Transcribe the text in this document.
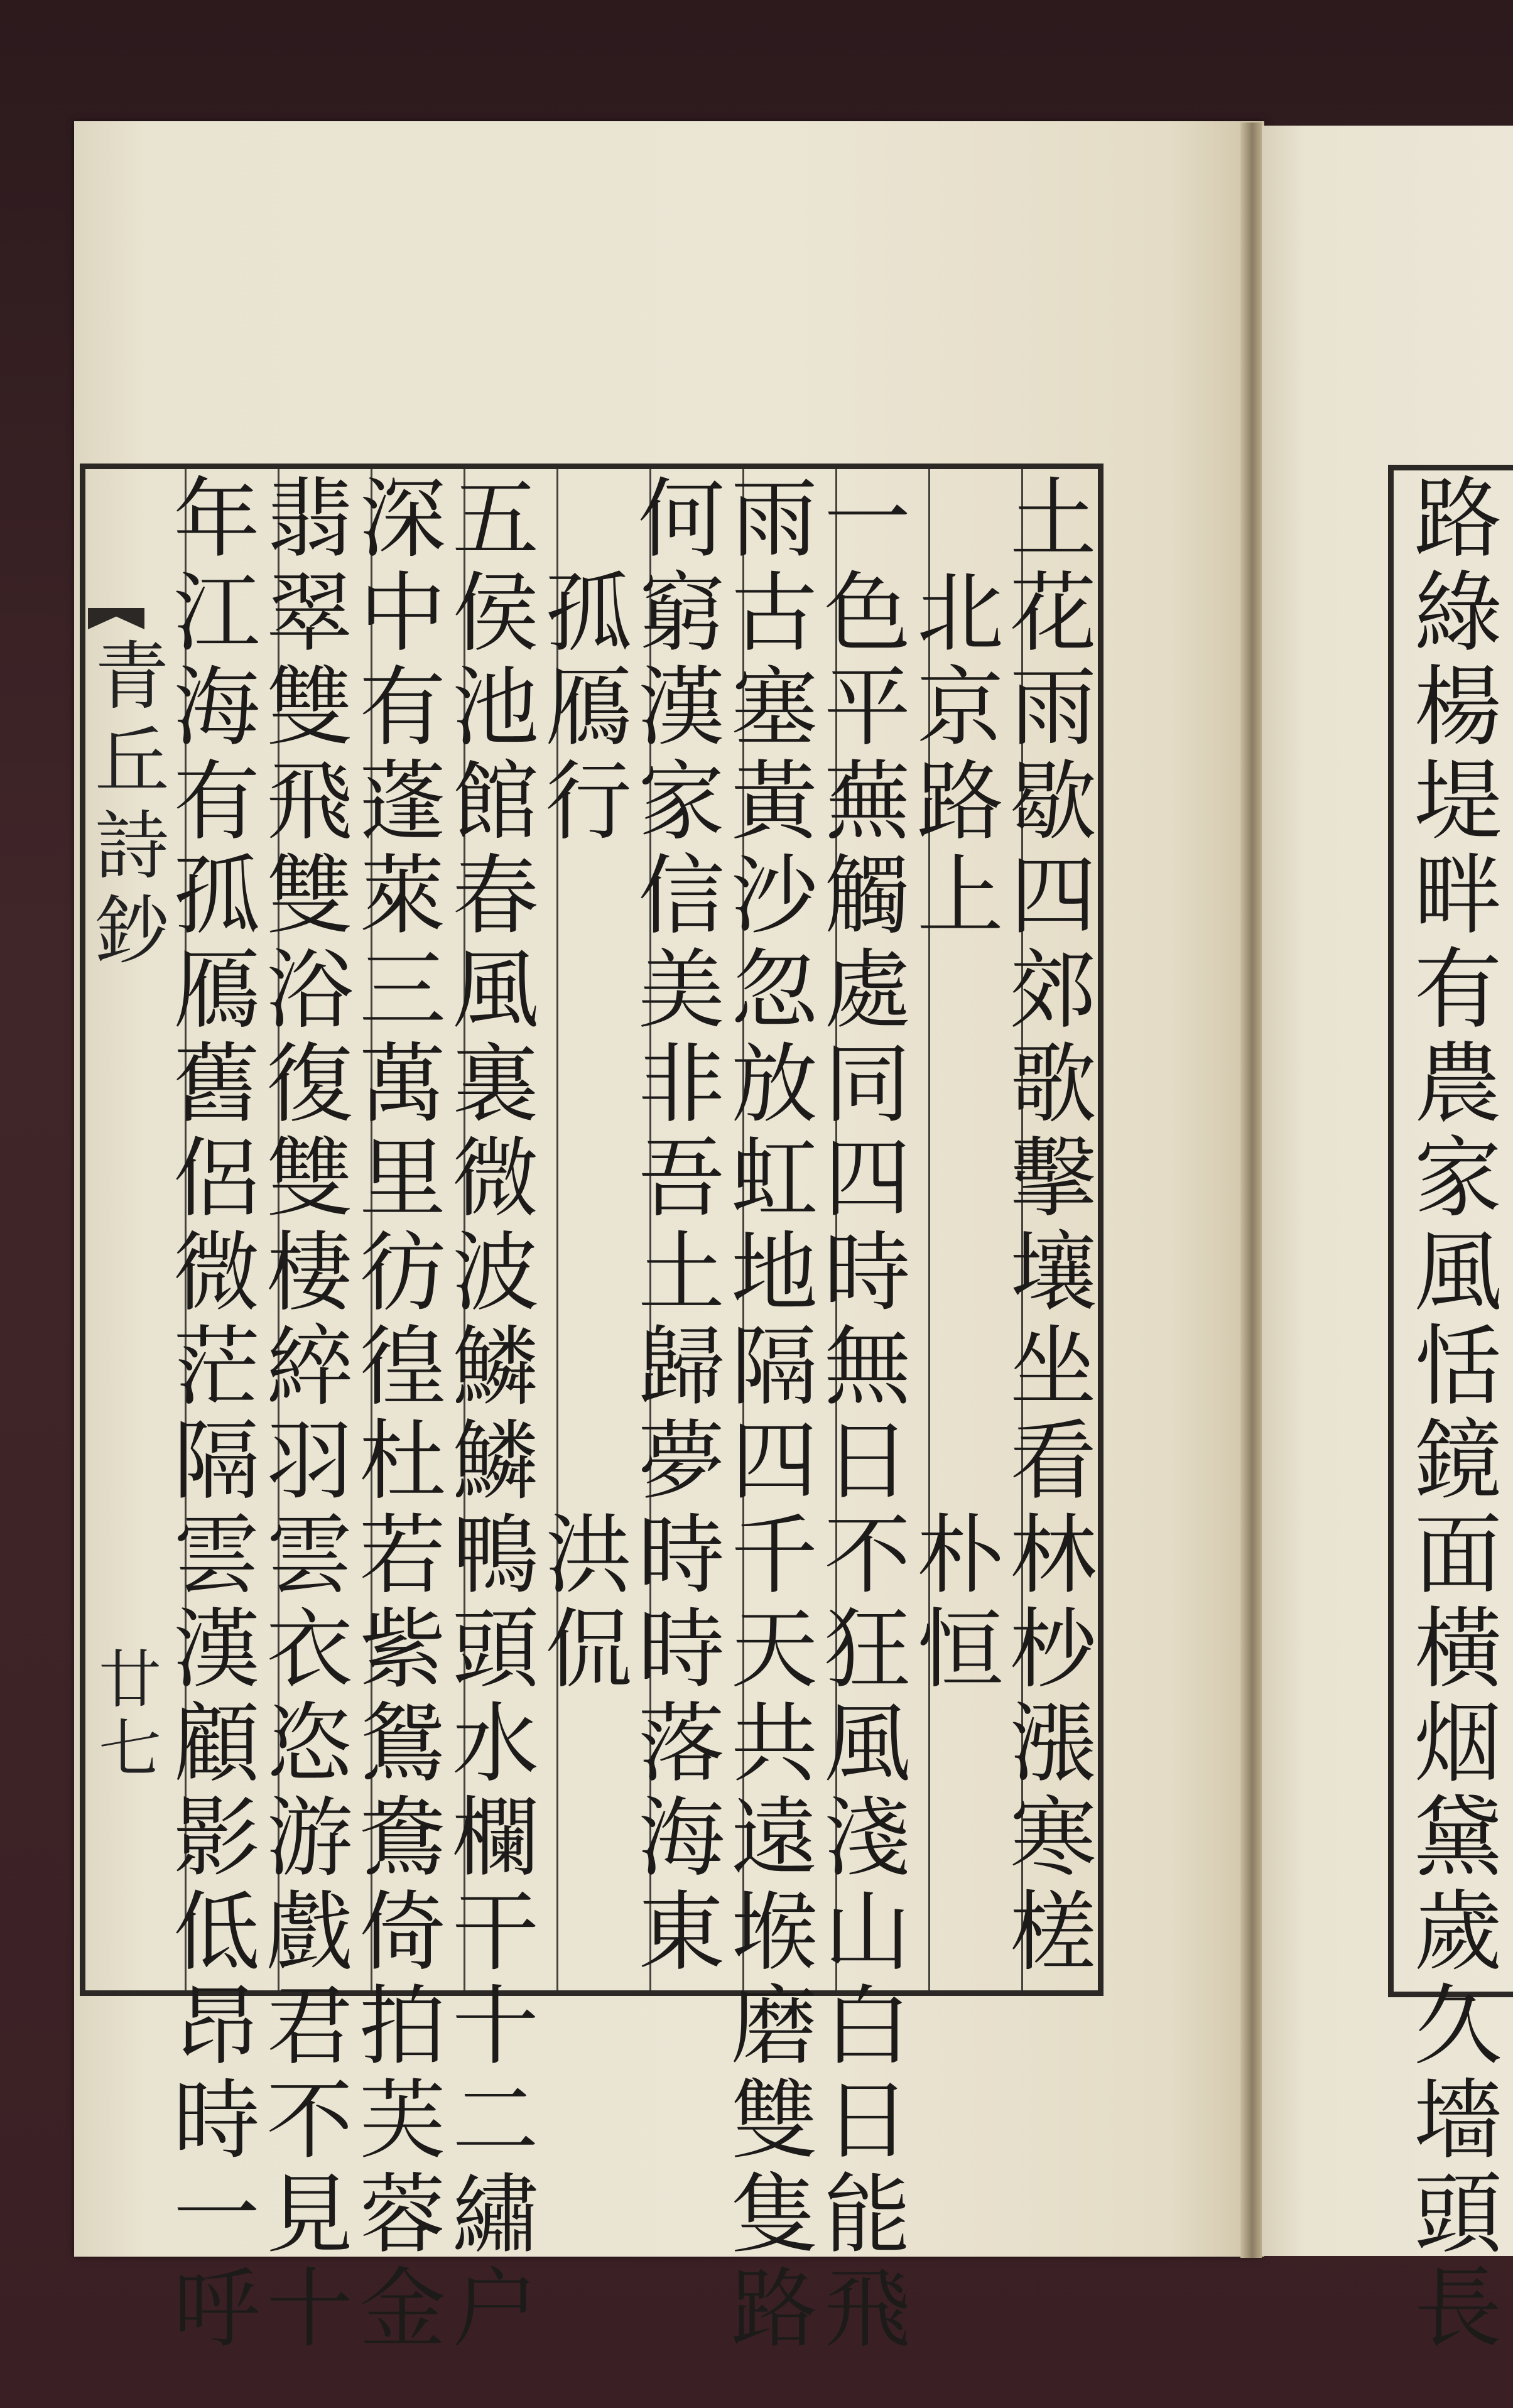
青
丘
詩
鈔
廿七
土
花
雨
歇
四
郊
歌
擊
壤
坐
看
林
杪
漲
寒
槎
北
京
路
上
朴
恒
一
色
平
蕪
觸
處
同
四
時
無
日
不
狂
風
淺
山
白
日
能
飛
雨
古
塞
黃
沙
忽
放
虹
地
隔
四
千
天
共
遠
堠
磨
雙
隻
路
何
窮
漢
家
信
美
非
吾
土
歸
夢
時
時
落
海
東
孤
鴈
行
洪
侃
五
侯
池
館
春
風
裏
微
波
鱗
鱗
鴨
頭
水
欄
干
十
二
繡
户
深
中
有
蓬
萊
三
萬
里
彷
徨
杜
若
紫
鴛
鴦
倚
拍
芙
蓉
金
翡
翠
雙
飛
雙
浴
復
雙
棲
綷
羽
雲
衣
恣
游
戲
君
不
見
十
年
江
海
有
孤
鴈
舊
侶
微
茫
隔
雲
漢
顧
影
低
昂
時
一
呼
路
綠
楊
堤
畔
有
農
家
風
恬
鏡
面
橫
烟
黛
歲
久
墻
頭
長
